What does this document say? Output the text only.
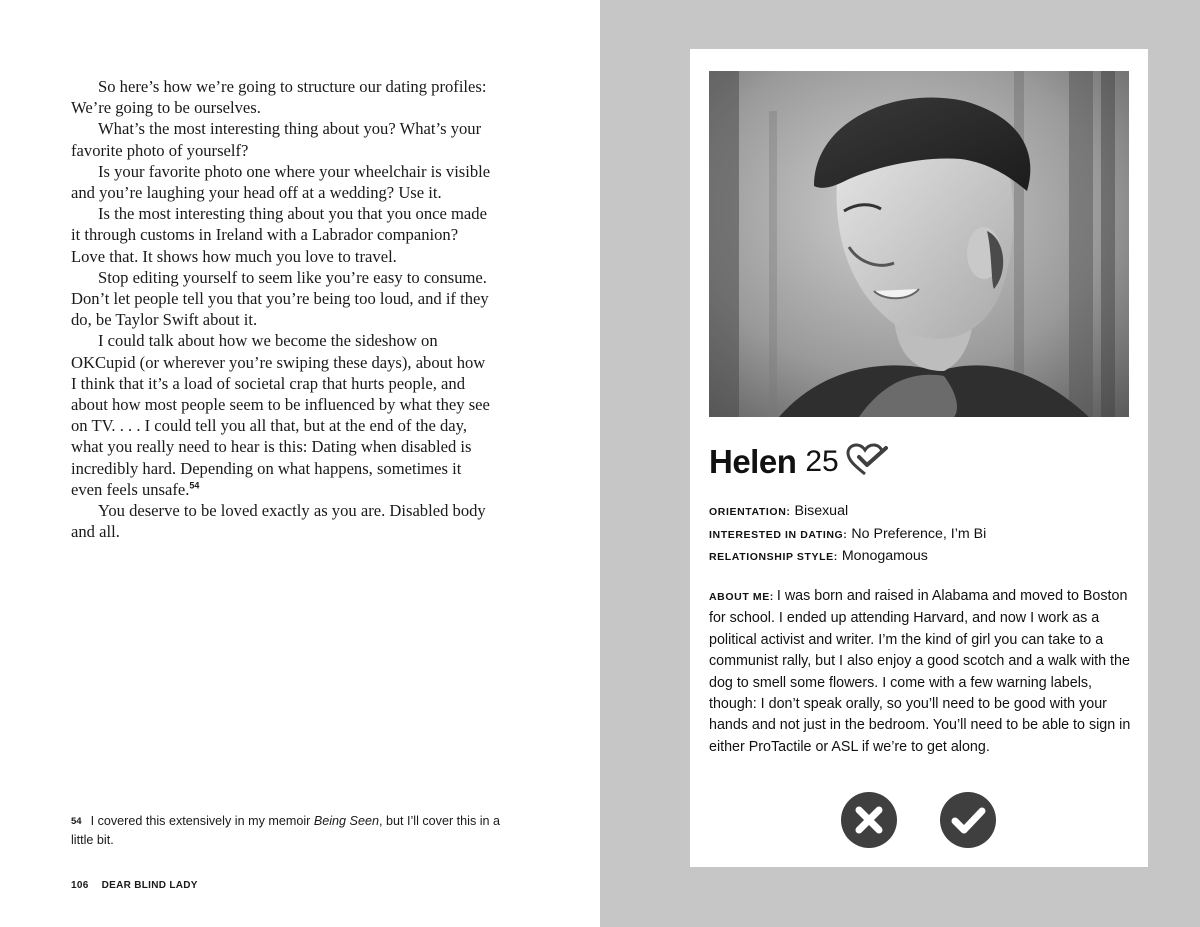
So here’s how we’re going to structure our dating profiles: We’re going to be ourselves.

What’s the most interesting thing about you? What’s your favorite photo of yourself?

Is your favorite photo one where your wheelchair is visible and you’re laughing your head off at a wedding? Use it.

Is the most interesting thing about you that you once made it through customs in Ireland with a Labrador companion? Love that. It shows how much you love to travel.

Stop editing yourself to seem like you’re easy to consume. Don’t let people tell you that you’re being too loud, and if they do, be Taylor Swift about it.

I could talk about how we become the sideshow on OKCupid (or wherever you’re swiping these days), about how I think that it’s a load of societal crap that hurts people, and about how most people seem to be influenced by what they see on TV. . . . I could tell you all that, but at the end of the day, what you really need to hear is this: Dating when disabled is incredibly hard. Depending on what happens, sometimes it even feels unsafe.$^{54}$

You deserve to be loved exactly as you are. Disabled body and all.

54 I covered this extensively in my memoir Being Seen, but I’ll cover this in a little bit.
106 DEAR BLIND LADY
Helen 25
ORIENTATION: Bisexual
INTERESTED IN DATING: No Preference, I’m Bi
RELATIONSHIP STYLE: Monogamous
ABOUT ME: I was born and raised in Alabama and moved to Boston for school. I ended up attending Harvard, and now I work as a political activist and writer. I’m the kind of girl you can take to a communist rally, but I also enjoy a good scotch and a walk with the dog to smell some flowers. I come with a few warning labels, though: I don’t speak orally, so you’ll need to be good with your hands and not just in the bedroom. You’ll need to be able to sign in either ProTactile or ASL if we’re to get along.
